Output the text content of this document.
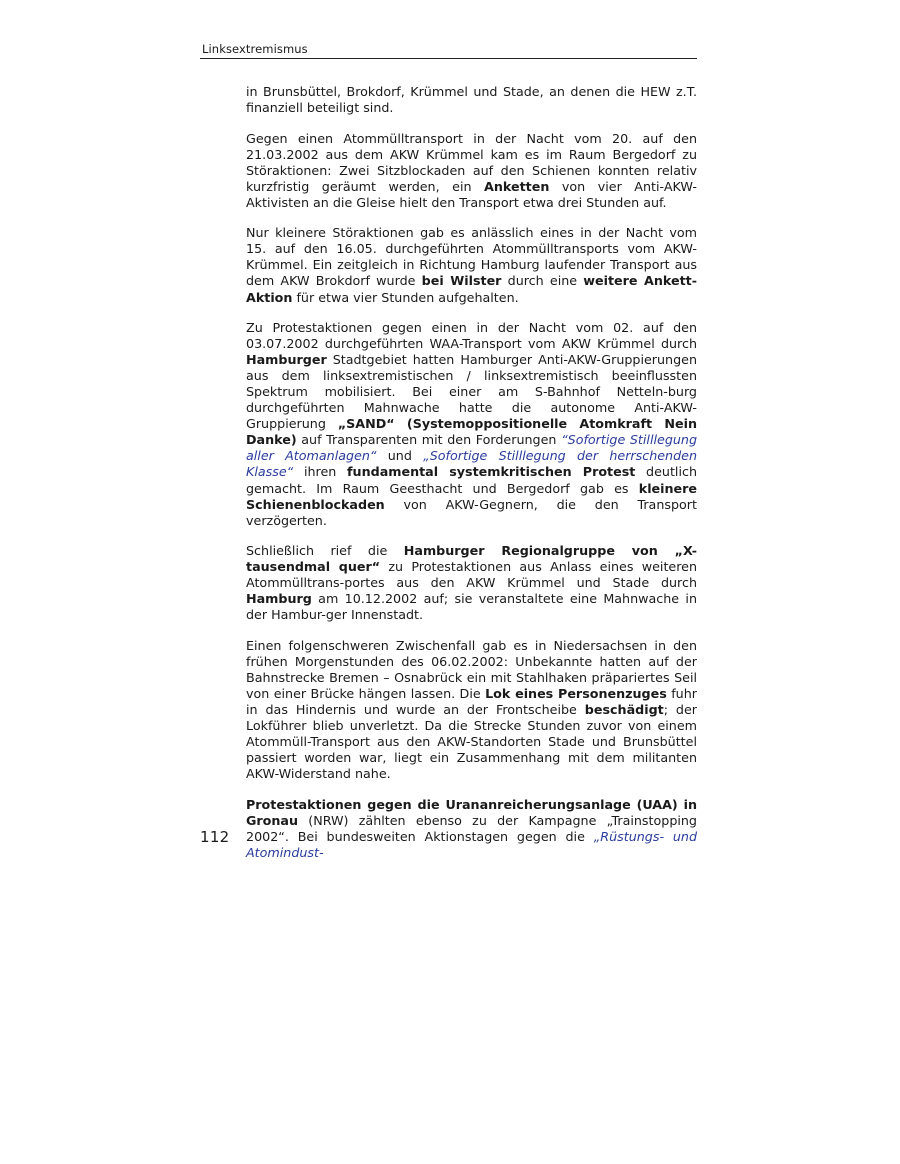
Linksextremismus

in Brunsbüttel, Brokdorf, Krümmel und Stade, an denen die HEW z.T. finanziell beteiligt sind.

Gegen einen Atommülltransport in der Nacht vom 20. auf den 21.03.2002 aus dem AKW Krümmel kam es im Raum Bergedorf zu Störaktionen: Zwei Sitzblockaden auf den Schienen konnten relativ kurzfristig geräumt werden, ein Anketten von vier Anti-AKW-Aktivisten an die Gleise hielt den Transport etwa drei Stunden auf.

Nur kleinere Störaktionen gab es anlässlich eines in der Nacht vom 15. auf den 16.05. durchgeführten Atommülltransports vom AKW-Krümmel. Ein zeitgleich in Richtung Hamburg laufender Transport aus dem AKW Brokdorf wurde bei Wilster durch eine weitere Ankett-Aktion für etwa vier Stunden aufgehalten.

Zu Protestaktionen gegen einen in der Nacht vom 02. auf den 03.07.2002 durchgeführten WAA-Transport vom AKW Krümmel durch Hamburger Stadtgebiet hatten Hamburger Anti-AKW-Gruppierungen aus dem linksextremistischen / linksextremistisch beeinflussten Spektrum mobilisiert. Bei einer am S-Bahnhof Netteln-burg durchgeführten Mahnwache hatte die autonome Anti-AKW-Gruppierung „SAND“ (Systemoppositionelle Atomkraft Nein Danke) auf Transparenten mit den Forderungen “Sofortige Stilllegung aller Atomanlagen“ und „Sofortige Stilllegung der herrschenden Klasse“ ihren fundamental systemkritischen Protest deutlich gemacht. Im Raum Geesthacht und Bergedorf gab es kleinere Schienenblockaden von AKW-Gegnern, die den Transport verzögerten.

Schließlich rief die Hamburger Regionalgruppe von „X-tausendmal quer“ zu Protestaktionen aus Anlass eines weiteren Atommülltrans-portes aus den AKW Krümmel und Stade durch Hamburg am 10.12.2002 auf; sie veranstaltete eine Mahnwache in der Hambur-ger Innenstadt.

Einen folgenschweren Zwischenfall gab es in Niedersachsen in den frühen Morgenstunden des 06.02.2002: Unbekannte hatten auf der Bahnstrecke Bremen – Osnabrück ein mit Stahlhaken präpariertes Seil von einer Brücke hängen lassen. Die Lok eines Personenzuges fuhr in das Hindernis und wurde an der Frontscheibe beschädigt; der Lokführer blieb unverletzt. Da die Strecke Stunden zuvor von einem Atommüll-Transport aus den AKW-Standorten Stade und Brunsbüttel passiert worden war, liegt ein Zusammenhang mit dem militanten AKW-Widerstand nahe.

Protestaktionen gegen die Urananreicherungsanlage (UAA) in Gronau (NRW) zählten ebenso zu der Kampagne „Trainstopping 2002“. Bei bundesweiten Aktionstagen gegen die „Rüstungs- und Atomindust-

112
